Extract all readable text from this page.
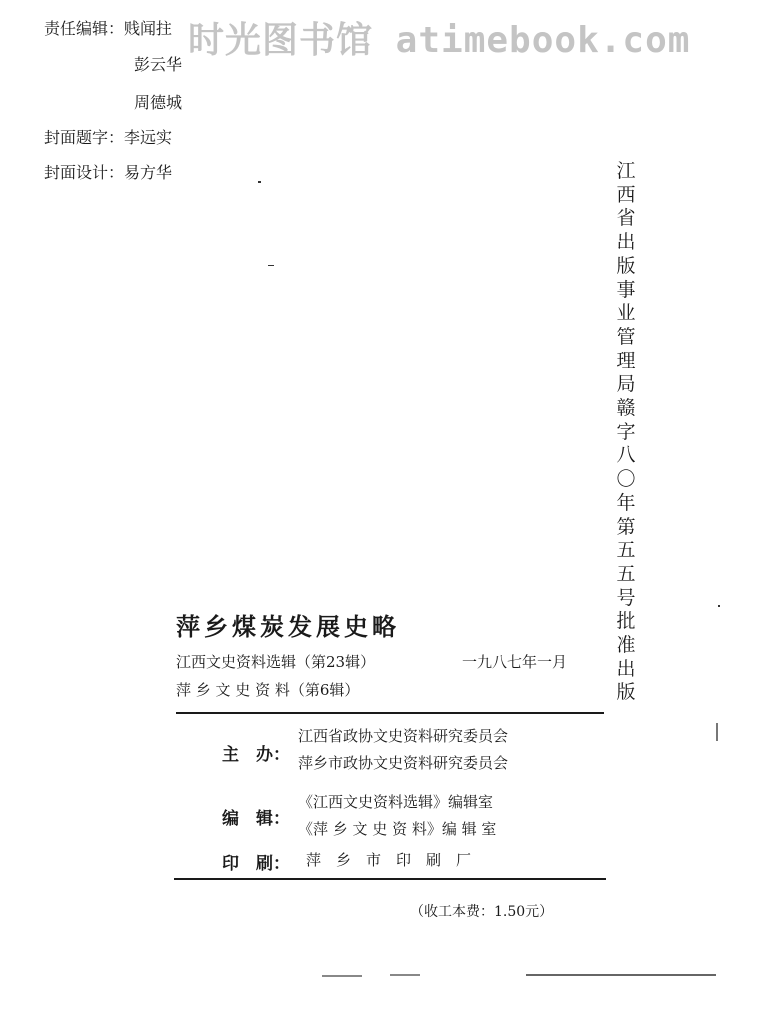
时光图书馆 atimebook.com
责任编辑：贱闻拄
彭云华
周德城
封面题字：李远实
封面设计：易方华	江西省出版事业管理局赣字八〇年第五五号批准出版
萍乡煤炭发展史略
江西文史资料选辑（第23辑）	一九八七年一月
萍 乡 文 史 资 料（第6辑）
主　办：
江西省政协文史资料研究委员会
萍乡市政协文史资料研究委员会
编　辑：
《江西文史资料选辑》编辑室
《萍 乡 文 史 资 料》编 辑 室
印　刷： 萍　乡　市　印　刷　厂
（收工本费：1.50元）
